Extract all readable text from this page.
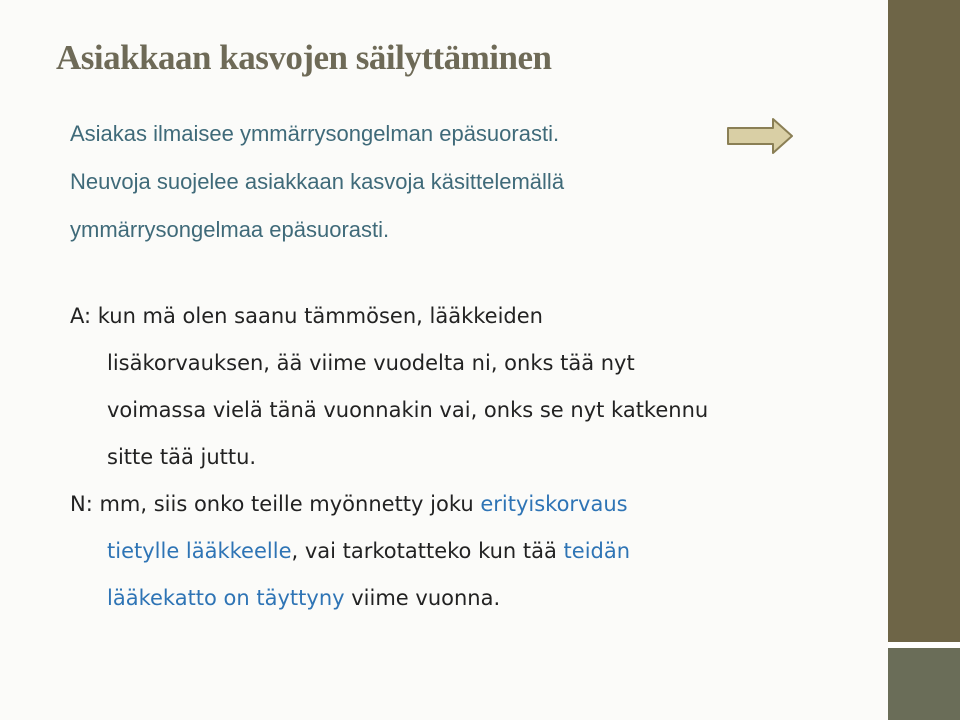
Asiakkaan kasvojen säilyttäminen
Asiakas ilmaisee ymmärrysongelman epäsuorasti.
Neuvoja suojelee asiakkaan kasvoja käsittelemällä
ymmärrysongelmaa epäsuorasti.
A: kun mä olen saanu tämmösen, lääkkeiden
lisäkorvauksen, ää viime vuodelta ni, onks tää nyt
voimassa vielä tänä vuonnakin vai, onks se nyt katkennu
sitte tää juttu.
N: mm, siis onko teille myönnetty joku erityiskorvaus
tietylle lääkkeelle, vai tarkotatteko kun tää teidän
lääkekatto on täyttyny viime vuonna.
